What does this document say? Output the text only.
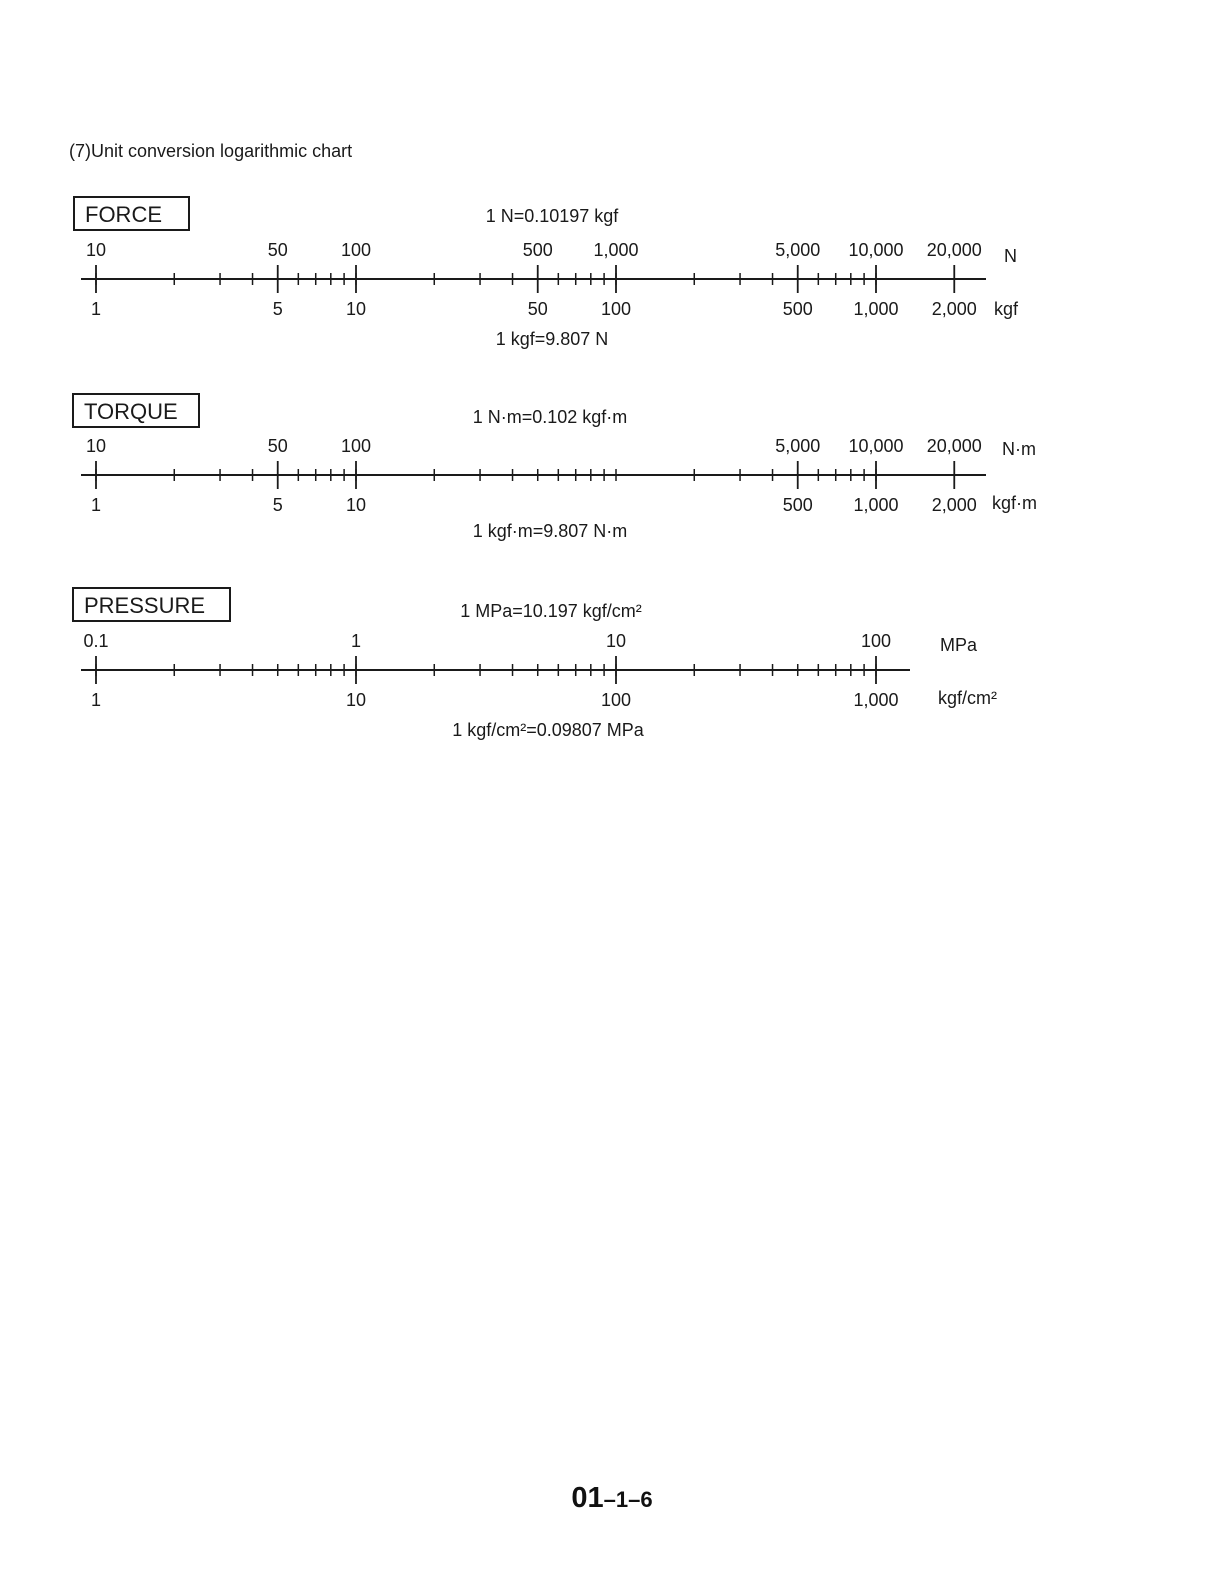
(7)Unit conversion logarithmic chart
FORCE	1 N=0.10197 kgf
1 kgf=9.807 N
10	50	100	500 1,000	5,000 10,000 20,000
1	5	10	50	100	500 1,000 2,000
N
kgf
TORQUE	1 N·m=0.102 kgf·m
1 kgf·m=9.807 N·m
10	50	100	5,000 10,000 20,000
1	5	10	500 1,000 2,000
N·m
kgf·m
PRESSURE	1 MPa=10.197 kgf/cm²
1 kgf/cm²=0.09807 MPa
0.1	1	10	100
1	10	100	1,000
MPa
kgf/cm²
01–1–6
